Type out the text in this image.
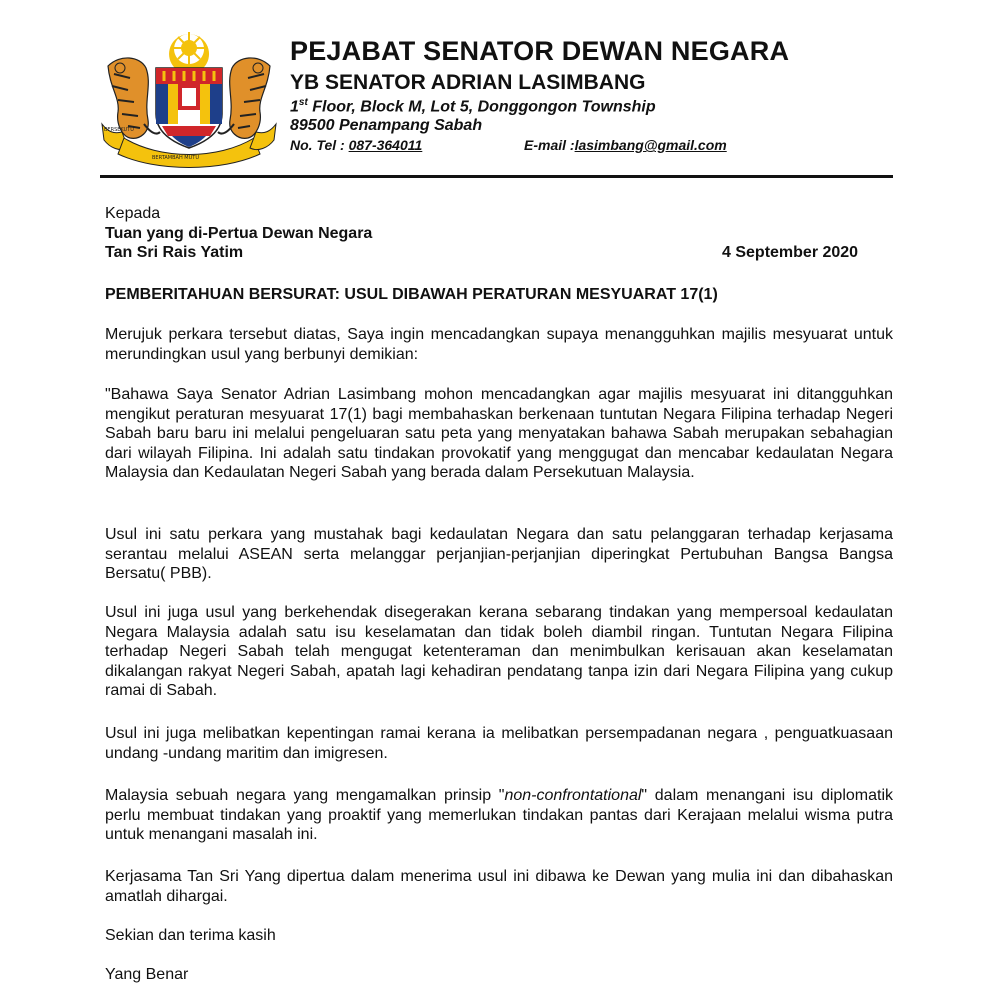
BERSEKUTU
BERTAMBAH MUTU
PEJABAT SENATOR DEWAN NEGARA
YB SENATOR ADRIAN LASIMBANG
1st Floor, Block M, Lot 5, Donggongon Township
89500 Penampang Sabah
No. Tel : 087-364011	E-mail :lasimbang@gmail.com
Kepada
Tuan yang di-Pertua Dewan Negara
Tan Sri Rais Yatim	4 September 2020
PEMBERITAHUAN BERSURAT: USUL DIBAWAH PERATURAN MESYUARAT 17(1)

Merujuk perkara tersebut diatas, Saya ingin mencadangkan supaya menangguhkan majilis mesyuarat untuk merundingkan usul yang berbunyi demikian:

"Bahawa Saya Senator Adrian Lasimbang mohon mencadangkan agar majilis mesyuarat ini ditangguhkan mengikut peraturan mesyuarat 17(1) bagi membahaskan berkenaan tuntutan Negara Filipina terhadap Negeri Sabah baru baru ini melalui pengeluaran satu peta yang menyatakan bahawa Sabah merupakan sebahagian dari wilayah Filipina. Ini adalah satu tindakan provokatif yang menggugat dan mencabar kedaulatan Negara Malaysia dan Kedaulatan Negeri Sabah yang berada dalam Persekutuan Malaysia.

Usul ini satu perkara yang mustahak bagi kedaulatan Negara dan satu pelanggaran terhadap kerjasama serantau melalui ASEAN serta melanggar perjanjian-perjanjian diperingkat Pertubuhan Bangsa Bangsa Bersatu( PBB).

Usul ini juga usul yang berkehendak disegerakan kerana sebarang tindakan yang mempersoal kedaulatan Negara Malaysia adalah satu isu keselamatan dan tidak boleh diambil ringan. Tuntutan Negara Filipina terhadap Negeri Sabah telah mengugat ketenteraman dan menimbulkan kerisauan akan keselamatan dikalangan rakyat Negeri Sabah, apatah lagi kehadiran pendatang tanpa izin dari Negara Filipina yang cukup ramai di Sabah.

Usul ini juga melibatkan kepentingan ramai kerana ia melibatkan persempadanan negara , penguatkuasaan undang -undang maritim dan imigresen.

Malaysia sebuah negara yang mengamalkan prinsip "non-confrontational" dalam menangani isu diplomatik perlu membuat tindakan yang proaktif yang memerlukan tindakan pantas dari Kerajaan melalui wisma putra untuk menangani masalah ini.

Kerjasama Tan Sri Yang dipertua dalam menerima usul ini dibawa ke Dewan yang mulia ini dan dibahaskan amatlah dihargai.

Sekian dan terima kasih
Yang Benar
